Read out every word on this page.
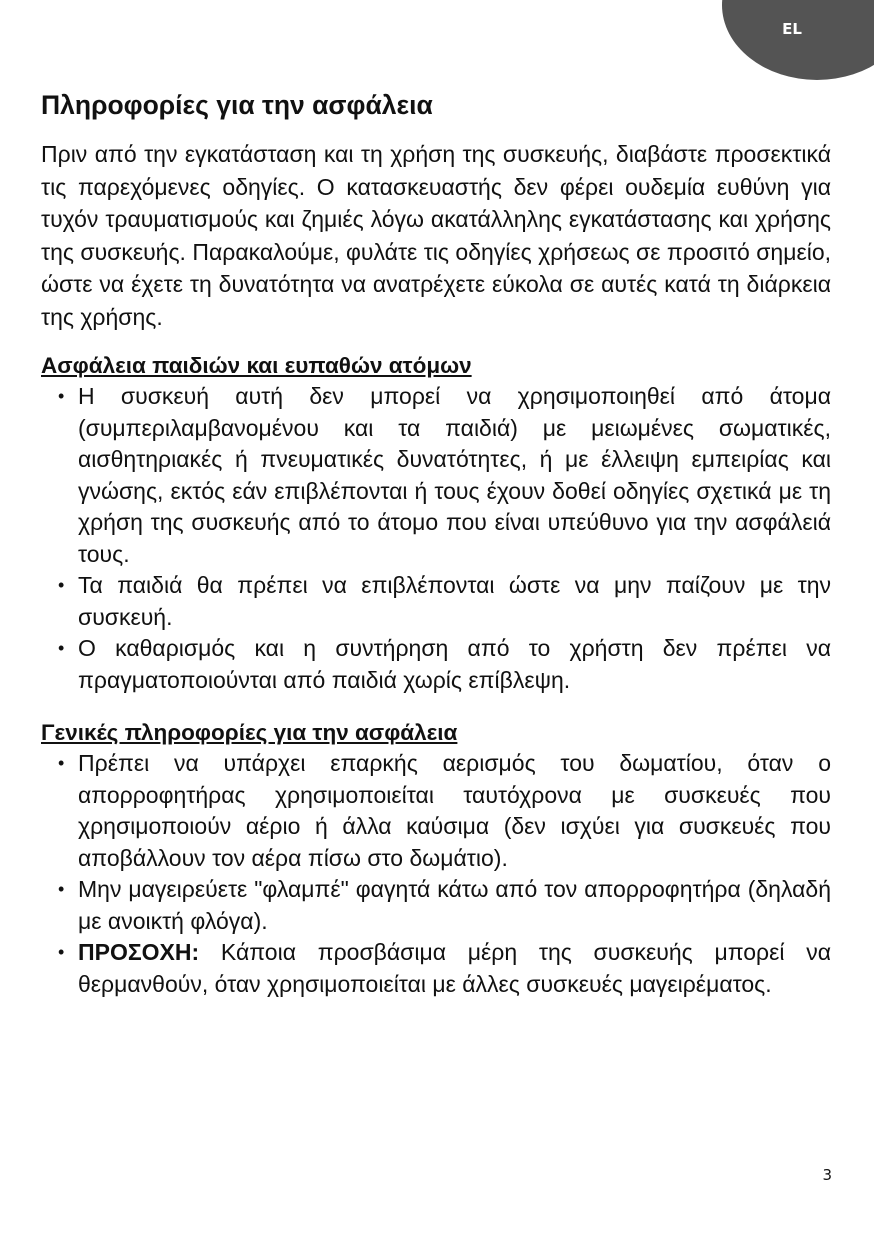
EL
Πληροφορίες για την ασφάλεια

Πριν από την εγκατάσταση και τη χρήση της συσκευής, διαβάστε προσεκτικά τις παρεχόμενες οδηγίες. Ο κατασκευαστής δεν φέρει ουδεμία ευθύνη για τυχόν τραυματισμούς και ζημιές λόγω ακατάλληλης εγκατάστασης και χρήσης της συσκευής. Παρακαλούμε, φυλάτε τις οδηγίες χρήσεως σε προσιτό σημείο, ώστε να έχετε τη δυνατότητα να ανατρέχετε εύκολα σε αυτές κατά τη διάρκεια της χρήσης.

Ασφάλεια παιδιών και ευπαθών ατόμων
• Η συσκευή αυτή δεν μπορεί να χρησιμοποιηθεί από άτομα (συμπεριλαμβανομένου και τα παιδιά) με μειωμένες σωματικές, αισθητηριακές ή πνευματικές δυνατότητες, ή με έλλειψη εμπειρίας και γνώσης, εκτός εάν επιβλέπονται ή τους έχουν δοθεί οδηγίες σχετικά με τη χρήση της συσκευής από το άτομο που είναι υπεύθυνο για την ασφάλειά τους.
• Τα παιδιά θα πρέπει να επιβλέπονται ώστε να μην παίζουν με την συσκευή.
• Ο καθαρισμός και η συντήρηση από το χρήστη δεν πρέπει να πραγματοποιούνται από παιδιά χωρίς επίβλεψη.
Γενικές πληροφορίες για την ασφάλεια
• Πρέπει να υπάρχει επαρκής αερισμός του δωματίου, όταν ο απορροφητήρας χρησιμοποιείται ταυτόχρονα με συσκευές που χρησιμοποιούν αέριο ή άλλα καύσιμα (δεν ισχύει για συσκευές που αποβάλλουν τον αέρα πίσω στο δωμάτιο).
• Μην μαγειρεύετε "φλαμπέ" φαγητά κάτω από τον απορροφητήρα (δηλαδή με ανοικτή φλόγα).
• ΠΡΟΣΟΧΗ: Κάποια προσβάσιμα μέρη της συσκευής μπορεί να θερμανθούν, όταν χρησιμοποιείται με άλλες συσκευές μαγειρέματος.
3
